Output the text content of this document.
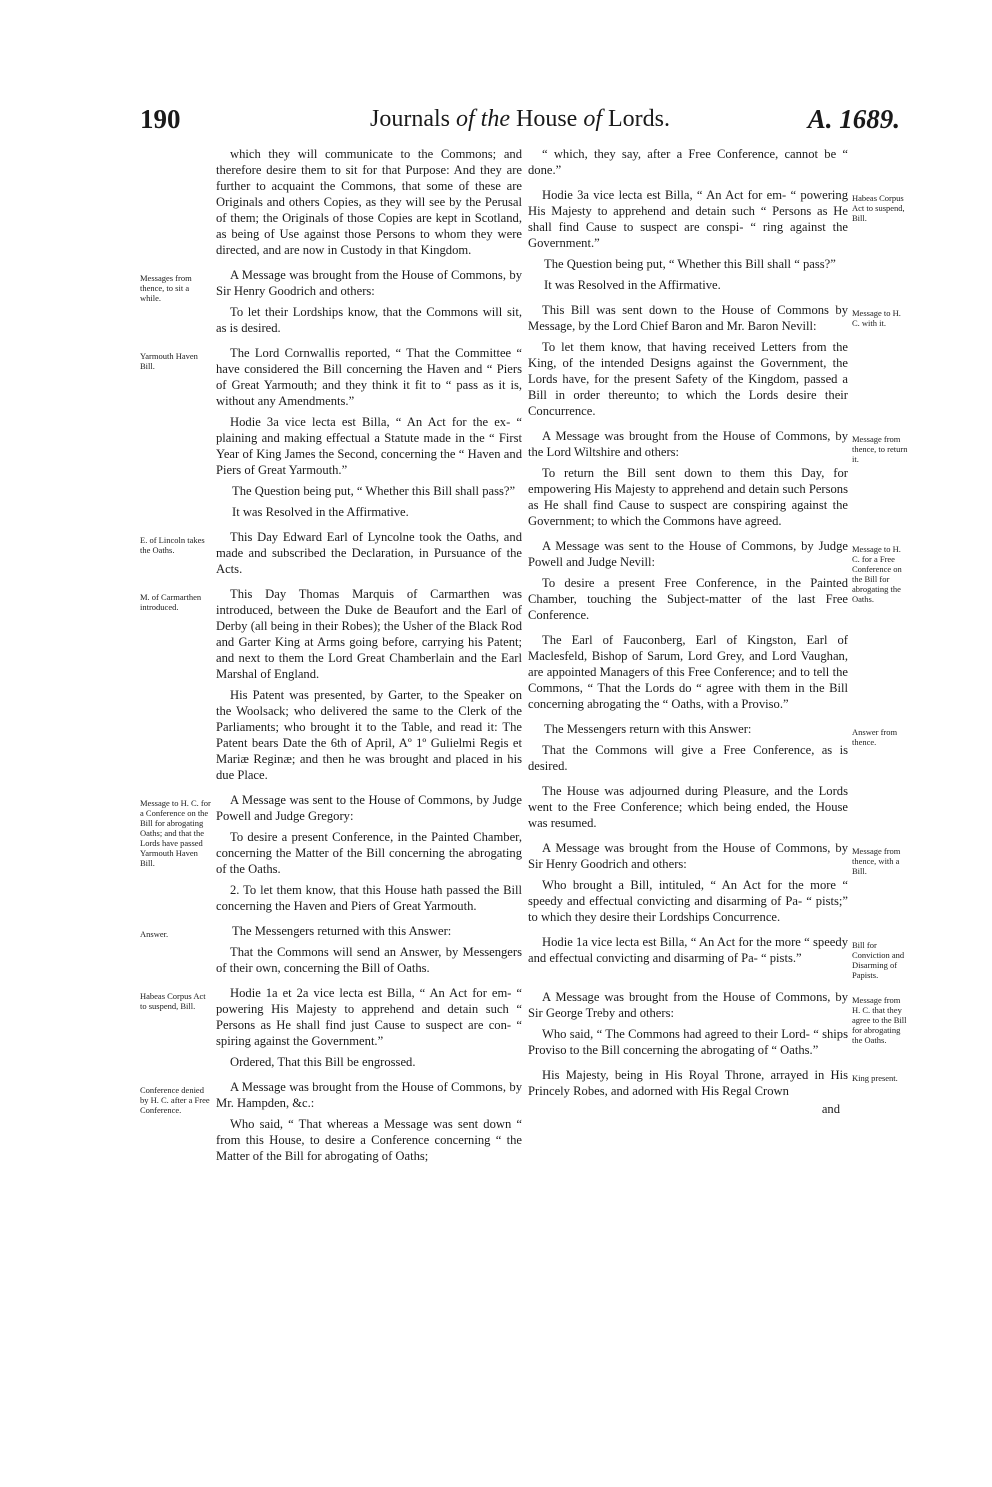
190	Journals of the House of Lords.	A. 1689.

which they will communicate to the Commons; and therefore desire them to sit for that Purpose: And they are further to acquaint the Commons, that some of these are Originals and others Copies, as they will see by the Perusal of them; the Originals of those Copies are kept in Scotland, as being of Use against those Persons to whom they were directed, and are now in Custody in that Kingdom.

Messages from thence, to sit a while.

A Message was brought from the House of Commons, by Sir Henry Goodrich and others:

To let their Lordships know, that the Commons will sit, as is desired.

Yarmouth Haven Bill.

The Lord Cornwallis reported, “ That the Committee “ have considered the Bill concerning the Haven and “ Piers of Great Yarmouth; and they think it fit to “ pass as it is, without any Amendments.”

Hodie 3a vice lecta est Billa, “ An Act for the ex- “ plaining and making effectual a Statute made in the “ First Year of King James the Second, concerning the “ Haven and Piers of Great Yarmouth.”

The Question being put, “ Whether this Bill shall pass?”

It was Resolved in the Affirmative.

E. of Lincoln takes the Oaths.

This Day Edward Earl of Lyncolne took the Oaths, and made and subscribed the Declaration, in Pursuance of the Acts.

M. of Carmarthen introduced.

This Day Thomas Marquis of Carmarthen was introduced, between the Duke de Beaufort and the Earl of Derby (all being in their Robes); the Usher of the Black Rod and Garter King at Arms going before, carrying his Patent; and next to them the Lord Great Chamberlain and the Earl Marshal of England.

His Patent was presented, by Garter, to the Speaker on the Woolsack; who delivered the same to the Clerk of the Parliaments; who brought it to the Table, and read it: The Patent bears Date the 6th of April, Aº 1º Gulielmi Regis et Mariæ Reginæ; and then he was brought and placed in his due Place.

Message to H. C. for a Conference on the Bill for abrogating Oaths; and that the Lords have passed Yarmouth Haven Bill.

A Message was sent to the House of Commons, by Judge Powell and Judge Gregory:

To desire a present Conference, in the Painted Chamber, concerning the Matter of the Bill concerning the abrogating of the Oaths.

2. To let them know, that this House hath passed the Bill concerning the Haven and Piers of Great Yarmouth.

Answer.	The Messengers returned with this Answer:

That the Commons will send an Answer, by Messengers of their own, concerning the Bill of Oaths.

Habeas Corpus Act to suspend, Bill.

Hodie 1a et 2a vice lecta est Billa, “ An Act for em- “ powering His Majesty to apprehend and detain such “ Persons as He shall find just Cause to suspect are con- “ spiring against the Government.”

Ordered, That this Bill be engrossed.

Conference denied by H. C. after a Free Conference.

A Message was brought from the House of Commons, by Mr. Hampden, &c.:

Who said, “ That whereas a Message was sent down “ from this House, to desire a Conference concerning “ the Matter of the Bill for abrogating of Oaths;

“ which, they say, after a Free Conference, cannot be “ done.”

Hodie 3a vice lecta est Billa, “ An Act for em- “ powering His Majesty to apprehend and detain such “ Persons as He shall find Cause to suspect are conspi- “ ring against the Government.”

The Question being put, “ Whether this Bill shall “ pass?”

It was Resolved in the Affirmative.

Habeas Corpus Act to suspend, Bill.

This Bill was sent down to the House of Commons by Message, by the Lord Chief Baron and Mr. Baron Nevill:

To let them know, that having received Letters from the King, of the intended Designs against the Government, the Lords have, for the present Safety of the Kingdom, passed a Bill in order thereunto; to which the Lords desire their Concurrence.

Message to H. C. with it.

A Message was brought from the House of Commons, by the Lord Wiltshire and others:

To return the Bill sent down to them this Day, for empowering His Majesty to apprehend and detain such Persons as He shall find Cause to suspect are conspiring against the Government; to which the Commons have agreed.

Message from thence, to return it.

A Message was sent to the House of Commons, by Judge Powell and Judge Nevill:

To desire a present Free Conference, in the Painted Chamber, touching the Subject-matter of the last Free Conference.

Message to H. C. for a Free Conference on the Bill for abrogating the Oaths.

The Earl of Fauconberg, Earl of Kingston, Earl of Maclesfeld, Bishop of Sarum, Lord Grey, and Lord Vaughan, are appointed Managers of this Free Conference; and to tell the Commons, “ That the Lords do “ agree with them in the Bill concerning abrogating the “ Oaths, with a Proviso.”

The Messengers return with this Answer:

That the Commons will give a Free Conference, as is desired.

Answer from thence.

The House was adjourned during Pleasure, and the Lords went to the Free Conference; which being ended, the House was resumed.

A Message was brought from the House of Commons, by Sir Henry Goodrich and others:

Who brought a Bill, intituled, “ An Act for the more “ speedy and effectual convicting and disarming of Pa- “ pists;” to which they desire their Lordships Concurrence.

Message from thence, with a Bill.

Hodie 1a vice lecta est Billa, “ An Act for the more “ speedy and effectual convicting and disarming of Pa- “ pists.”

Bill for Conviction and Disarming of Papists.

A Message was brought from the House of Commons, by Sir George Treby and others:

Who said, “ The Commons had agreed to their Lord- “ ships Proviso to the Bill concerning the abrogating of “ Oaths.”

Message from H. C. that they agree to the Bill for abrogating the Oaths.

His Majesty, being in His Royal Throne, arrayed in His Princely Robes, and adorned with His Regal Crown

King present.
and
